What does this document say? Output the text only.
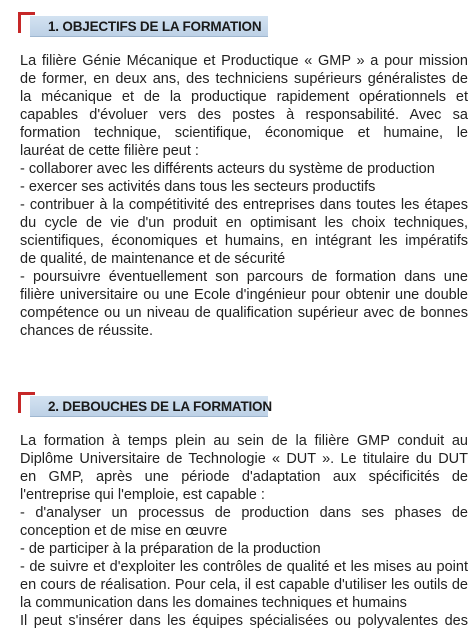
1. OBJECTIFS DE LA FORMATION
La filière Génie Mécanique et Productique « GMP » a pour mission
de former, en deux ans, des techniciens supérieurs généralistes de
la mécanique et de la productique rapidement opérationnels et
capables d'évoluer vers des postes à responsabilité. Avec sa
formation technique, scientifique, économique et humaine, le
lauréat de cette filière peut :
- collaborer avec les différents acteurs du système de production
- exercer ses activités dans tous les secteurs productifs
- contribuer à la compétitivité des entreprises dans toutes les étapes
du cycle de vie d'un produit en optimisant les choix techniques,
scientifiques, économiques et humains, en intégrant les impératifs
de qualité, de maintenance et de sécurité
- poursuivre éventuellement son parcours de formation dans une
filière universitaire ou une Ecole d'ingénieur pour obtenir une double
compétence ou un niveau de qualification supérieur avec de bonnes
chances de réussite.
2. DEBOUCHES DE LA FORMATION
La formation à temps plein au sein de la filière GMP conduit au
Diplôme Universitaire de Technologie « DUT ». Le titulaire du DUT
en GMP, après une période d'adaptation aux spécificités de
l'entreprise qui l'emploie, est capable :
- d'analyser un processus de production dans ses phases de
conception et de mise en œuvre
- de participer à la préparation de la production
- de suivre et d'exploiter les contrôles de qualité et les mises au point
en cours de réalisation. Pour cela, il est capable d'utiliser les outils de
la communication dans les domaines techniques et humains
Il peut s'insérer dans les équipes spécialisées ou polyvalentes des
